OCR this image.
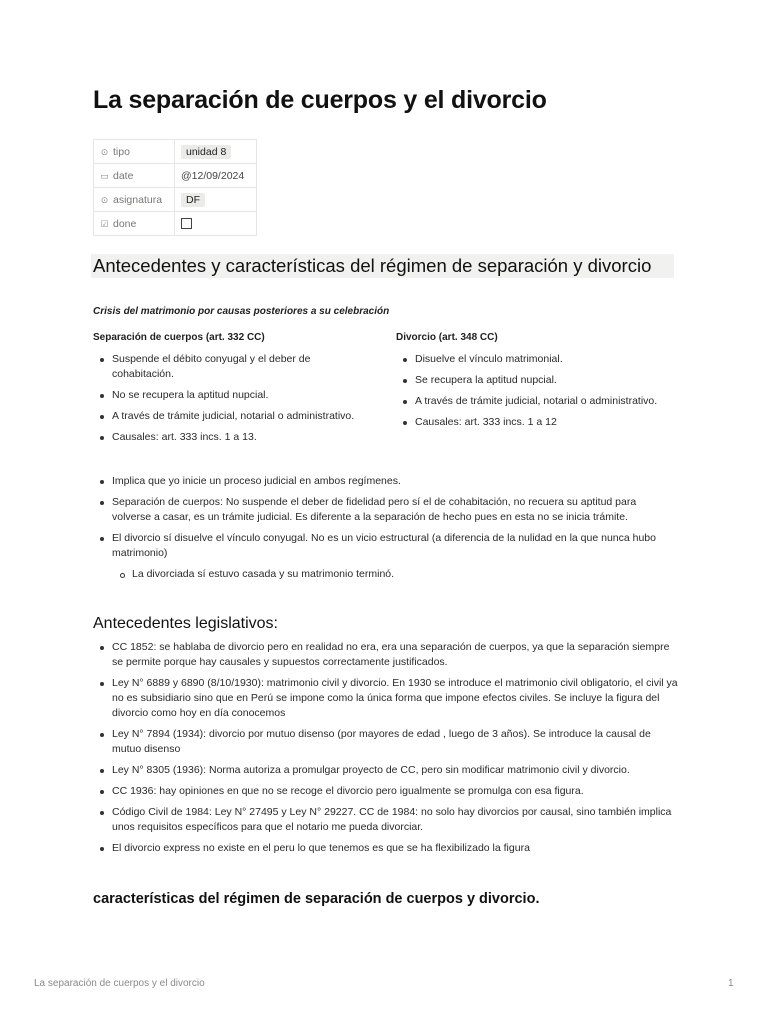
La separación de cuerpos y el divorcio
⊙ tipo	unidad 8
▭ date	@12/09/2024
⊙ asignatura	DF
☑ done	
Antecedentes y características del régimen de separación y divorcio

Crisis del matrimonio por causas posteriores a su celebración

Separación de cuerpos (art. 332 CC)

Suspende el débito conyugal y el deber de cohabitación.
No se recupera la aptitud nupcial.
A través de trámite judicial, notarial o administrativo.
Causales: art. 333 incs. 1 a 13.

Divorcio (art. 348 CC)

Disuelve el vínculo matrimonial.
Se recupera la aptitud nupcial.
A través de trámite judicial, notarial o administrativo.
Causales: art. 333 incs. 1 a 12
Implica que yo inicie un proceso judicial en ambos regímenes.
Separación de cuerpos: No suspende el deber de fidelidad pero sí el de cohabitación, no recuera su aptitud para volverse a casar, es un trámite judicial. Es diferente a la separación de hecho pues en esta no se inicia trámite.
El divorcio sí disuelve el vínculo conyugal. No es un vicio estructural (a diferencia de la nulidad en la que nunca hubo matrimonio)
La divorciada sí estuvo casada y su matrimonio terminó.
Antecedentes legislativos:
CC 1852: se hablaba de divorcio pero en realidad no era, era una separación de cuerpos, ya que la separación siempre se permite porque hay causales y supuestos correctamente justificados.
Ley N° 6889 y 6890 (8/10/1930): matrimonio civil y divorcio. En 1930 se introduce el matrimonio civil obligatorio, el civil ya no es subsidiario sino que en Perú se impone como la única forma que impone efectos civiles. Se incluye la figura del divorcio como hoy en día conocemos
Ley N° 7894 (1934): divorcio por mutuo disenso (por mayores de edad , luego de 3 años). Se introduce la causal de mutuo disenso
Ley N° 8305 (1936): Norma autoriza a promulgar proyecto de CC, pero sin modificar matrimonio civil y divorcio.
CC 1936: hay opiniones en que no se recoge el divorcio pero igualmente se promulga con esa figura.
Código Civil de 1984: Ley N° 27495 y Ley N° 29227. CC de 1984: no solo hay divorcios por causal, sino también implica unos requisitos específicos para que el notario me pueda divorciar.
El divorcio express no existe en el peru lo que tenemos es que se ha flexibilizado la figura
características del régimen de separación de cuerpos y divorcio.
La separación de cuerpos y el divorcio	1
